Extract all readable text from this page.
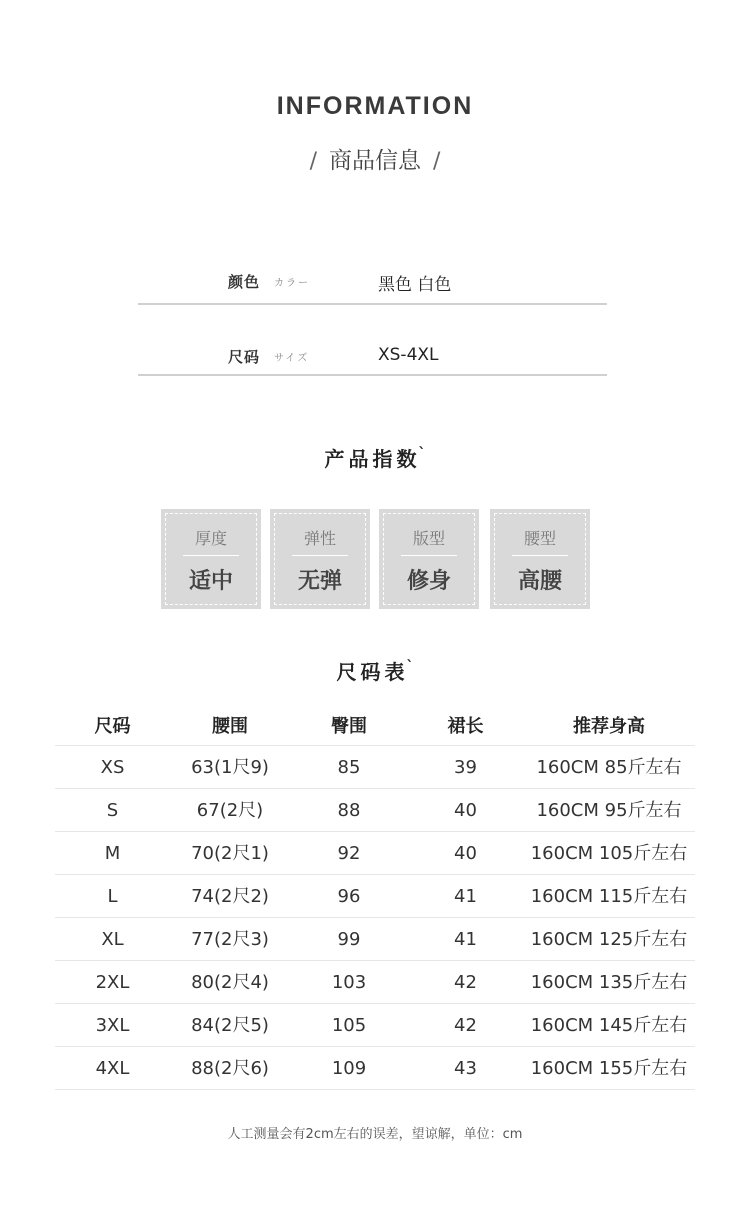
INFORMATION
/ 商品信息 /
颜色 カラー	黑色 白色
尺码 サイズ	XS-4XL
产品指数$^ˋ$
厚度
适中
弹性
无弹
版型
修身
腰型
高腰
尺码表$^ˋ$
尺码	腰围	臀围	裙长	推荐身高
XS	63(1尺9)	85	39	160CM 85斤左右
S	67(2尺)	88	40	160CM 95斤左右
M	70(2尺1)	92	40	160CM 105斤左右
L	74(2尺2)	96	41	160CM 115斤左右
XL	77(2尺3)	99	41	160CM 125斤左右
2XL	80(2尺4)	103	42	160CM 135斤左右
3XL	84(2尺5)	105	42	160CM 145斤左右
4XL	88(2尺6)	109	43	160CM 155斤左右
人工测量会有2cm左右的误差，望谅解，单位：cm
